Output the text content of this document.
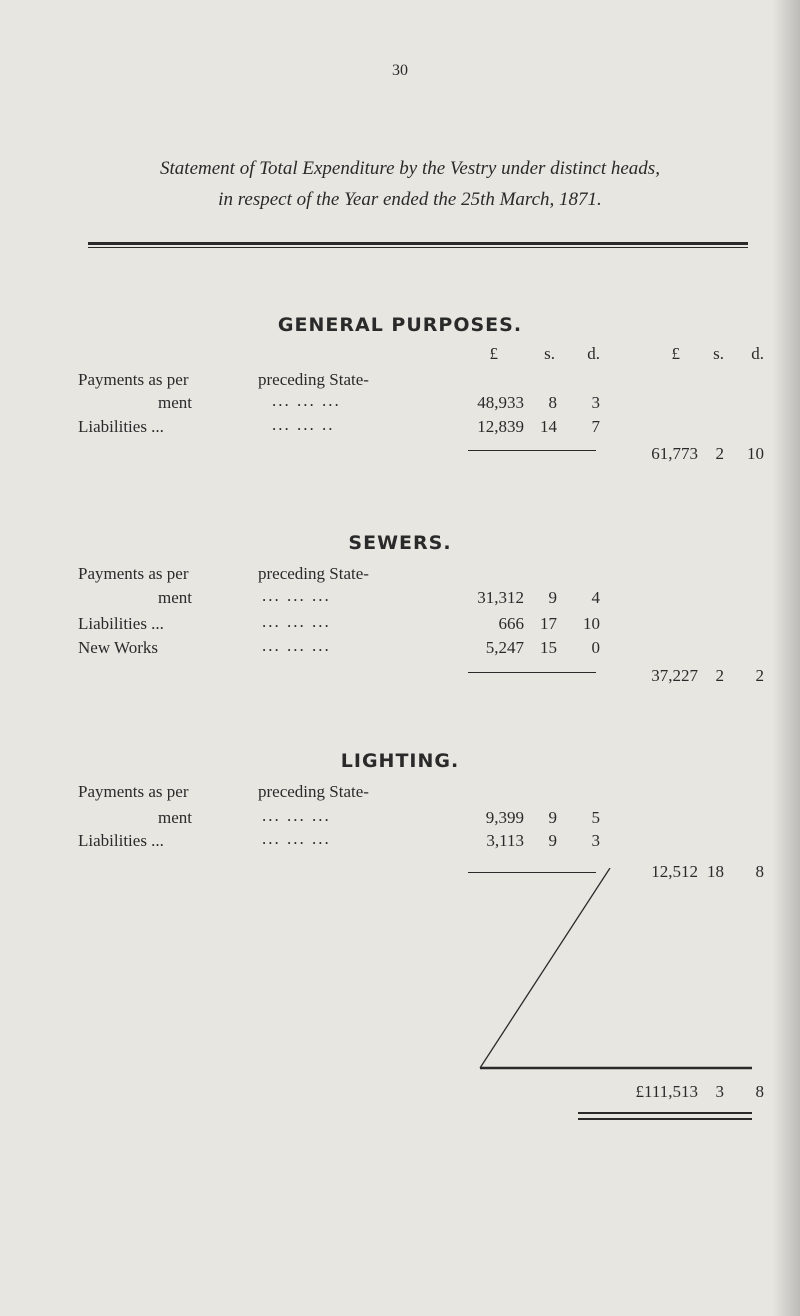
30
Statement of Total Expenditure by the Vestry under distinct heads,
in respect of the Year ended the 25th March, 1871.
GENERAL PURPOSES.
£	s.	d.	£	s.	d.
Payments as per	preceding State-
ment	... ... ...	48,933	8	3
Liabilities ...	... ... ..	12,839 14	7
61,773	2	10
SEWERS.
Payments as per	preceding State-
ment	... ... ...	31,312	9	4
Liabilities ...	... ... ...	666 17	10
New Works	... ... ...	5,247 15	0
37,227	2	2
LIGHTING.
Payments as per	preceding State-
ment	... ... ...	9,399	9	5
Liabilities ...	... ... ...	3,113	9	3
12,512 18	8
£111,513	3	8
